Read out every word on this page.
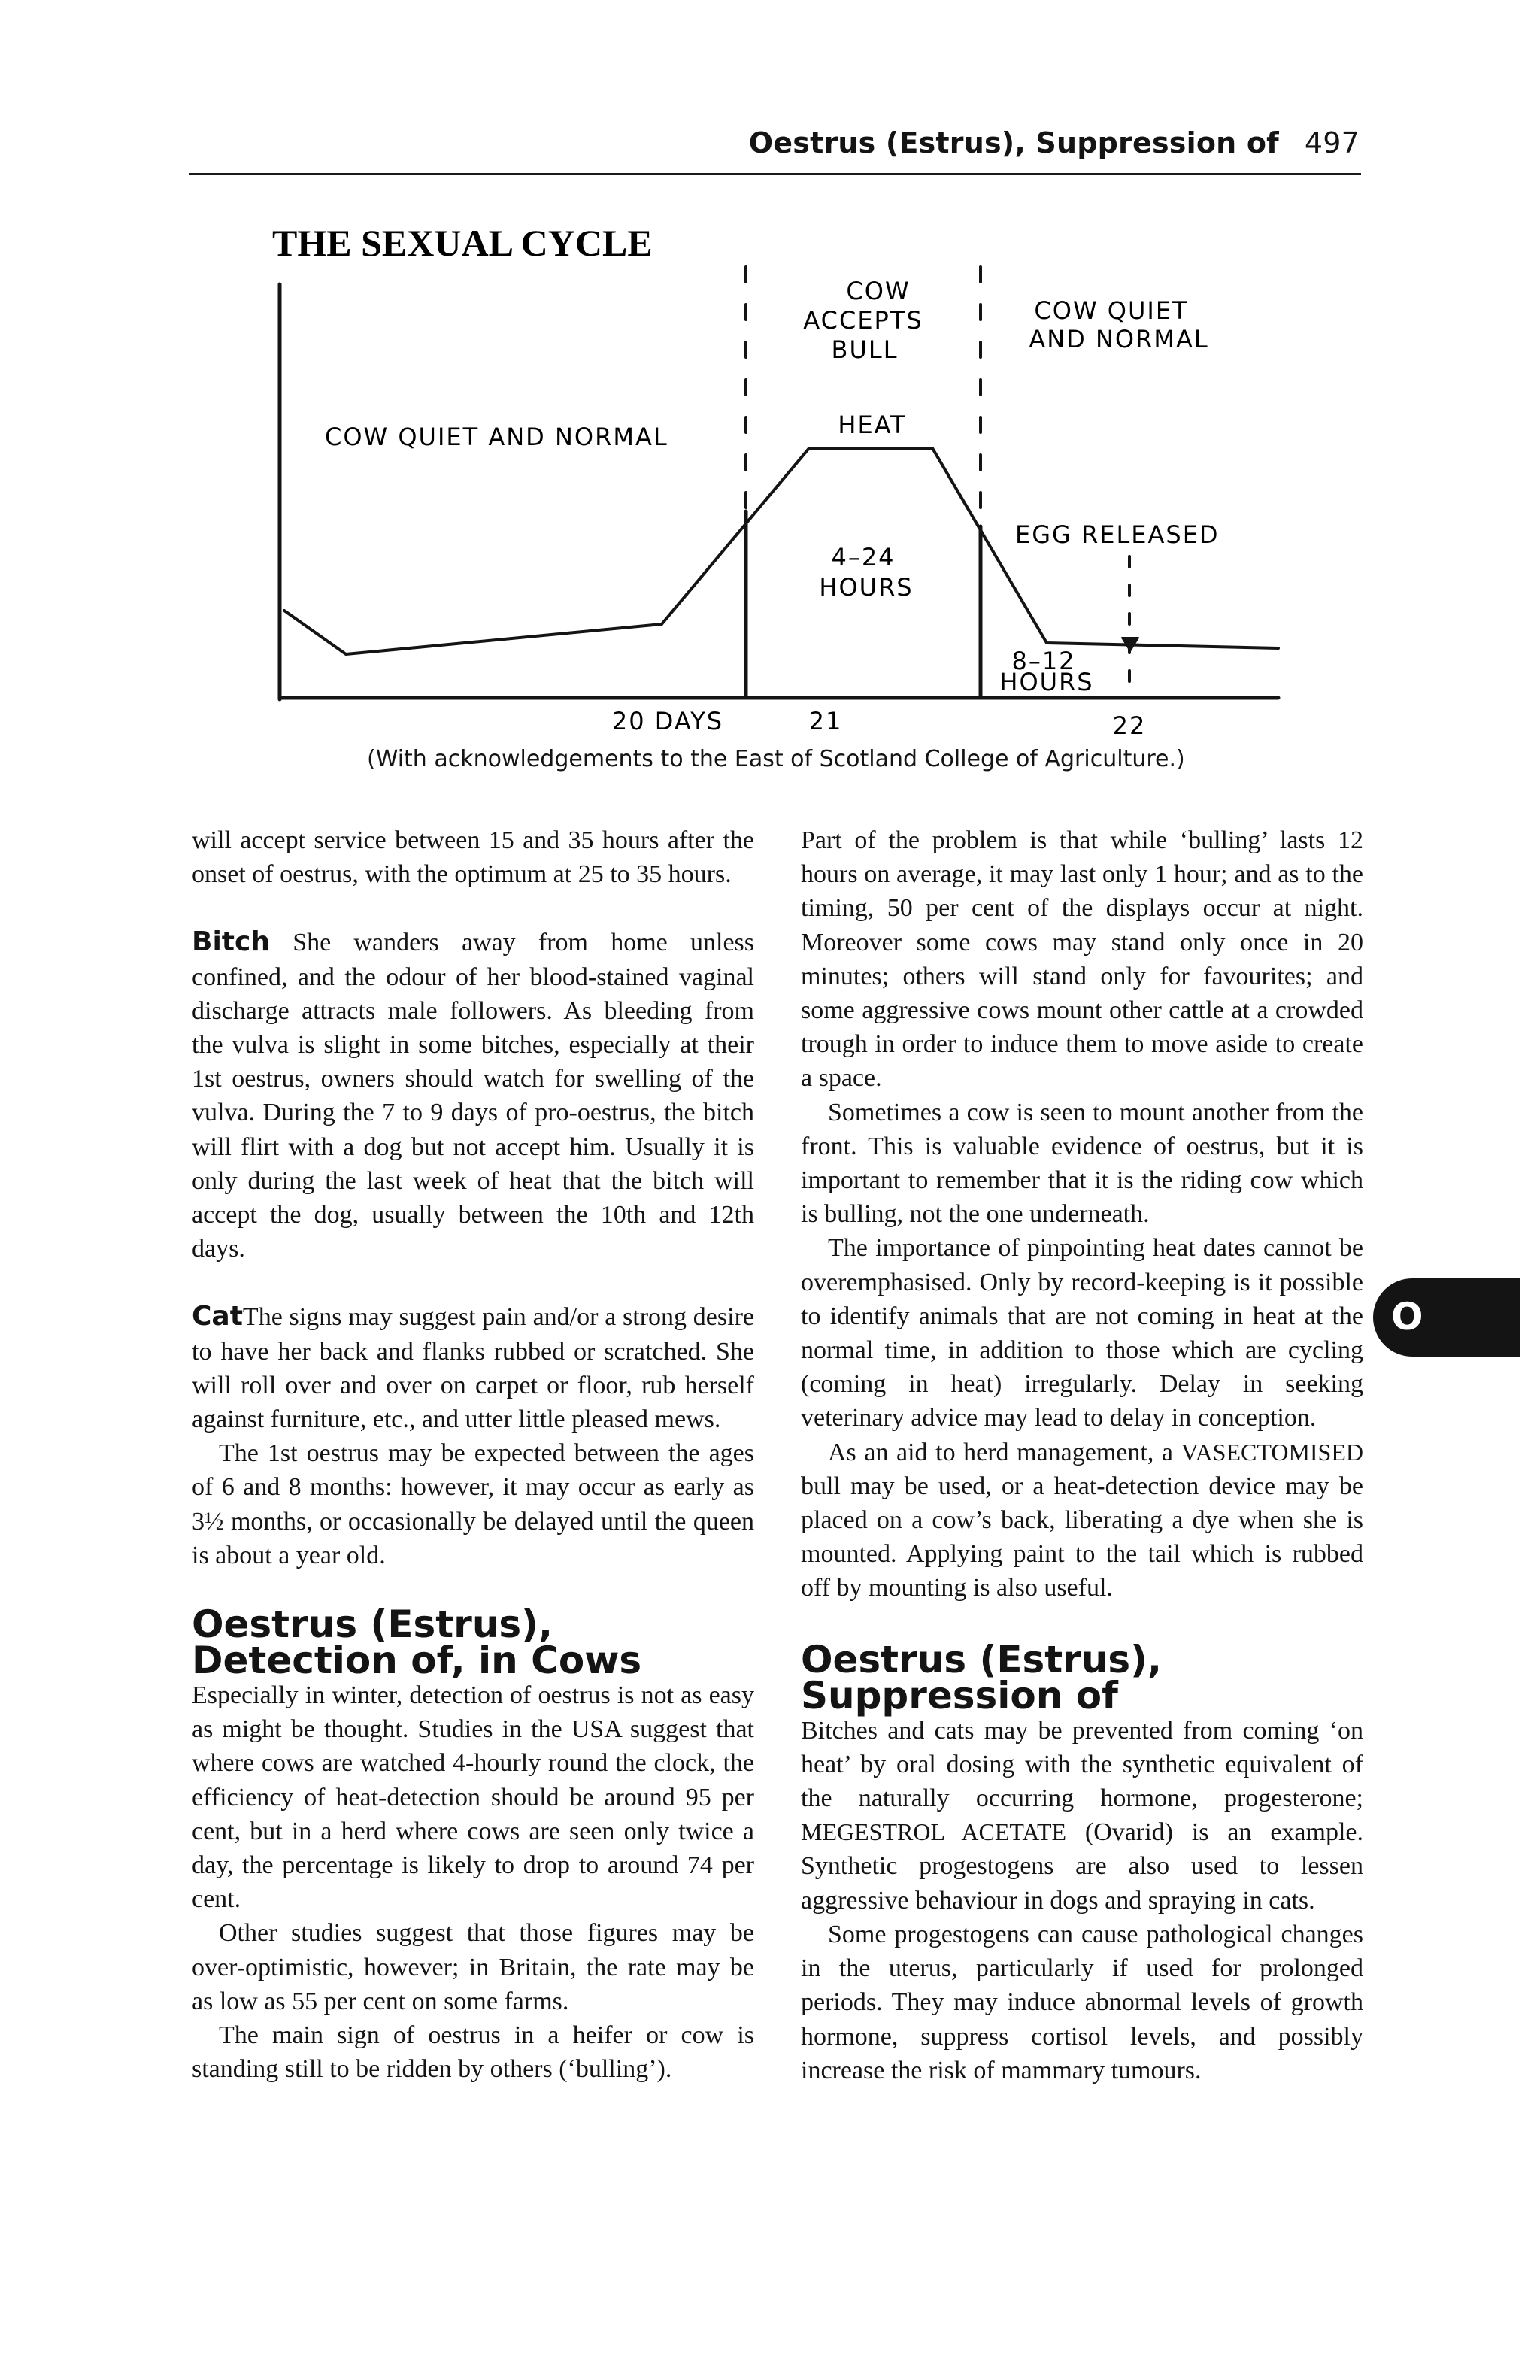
Oestrus (Estrus), Suppression of 497
THE SEXUAL CYCLE
COW
ACCEPTS
BULL
COW QUIET
AND NORMAL
COW QUIET AND NORMAL	HEAT
EGG RELEASED
4–24
HOURS
8–12
HOURS
20 DAYS	21	22
(With acknowledgements to the East of Scotland College of Agriculture.)

will accept service between 15 and 35 hours after the onset of oestrus, with the optimum at 25 to 35 hours.

Bitch She wanders away from home unless confined, and the odour of her blood-stained vaginal discharge attracts male followers. As bleeding from the vulva is slight in some bitches, especially at their 1st oestrus, owners should watch for swelling of the vulva. During the 7 to 9 days of pro-oestrus, the bitch will flirt with a dog but not accept him. Usually it is only during the last week of heat that the bitch will accept the dog, usually between the 10th and 12th days.

CatThe signs may suggest pain and/or a strong desire to have her back and flanks rubbed or scratched. She will roll over and over on carpet or floor, rub herself against furniture, etc., and utter little pleased mews.

The 1st oestrus may be expected between the ages of 6 and 8 months: however, it may occur as early as 3½ months, or occasionally be delayed until the queen is about a year old.

Oestrus (Estrus), Detection of, in Cows

Especially in winter, detection of oestrus is not as easy as might be thought. Studies in the USA suggest that where cows are watched 4-hourly round the clock, the efficiency of heat-detection should be around 95 per cent, but in a herd where cows are seen only twice a day, the percentage is likely to drop to around 74 per cent.

Other studies suggest that those figures may be over-optimistic, however; in Britain, the rate may be as low as 55 per cent on some farms.

The main sign of oestrus in a heifer or cow is standing still to be ridden by others (‘bulling’).

Part of the problem is that while ‘bulling’ lasts 12 hours on average, it may last only 1 hour; and as to the timing, 50 per cent of the displays occur at night. Moreover some cows may stand only once in 20 minutes; others will stand only for favourites; and some aggressive cows mount other cattle at a crowded trough in order to induce them to move aside to create a space.

Sometimes a cow is seen to mount another from the front. This is valuable evidence of oestrus, but it is important to remember that it is the riding cow which is bulling, not the one underneath.

The importance of pinpointing heat dates cannot be overemphasised. Only by record-keeping is it possible to identify animals that are not coming in heat at the normal time, in addition to those which are cycling (coming in heat) irregularly. Delay in seeking veterinary advice may lead to delay in conception.

As an aid to herd management, a VASECTOMISED bull may be used, or a heat-detection device may be placed on a cow’s back, liberating a dye when she is mounted. Applying paint to the tail which is rubbed off by mounting is also useful.

Oestrus (Estrus), Suppression of

Bitches and cats may be prevented from coming ‘on heat’ by oral dosing with the synthetic equivalent of the naturally occurring hormone, progesterone; MEGESTROL ACETATE (Ovarid) is an example. Synthetic progestogens are also used to lessen aggressive behaviour in dogs and spraying in cats.

Some progestogens can cause pathological changes in the uterus, particularly if used for prolonged periods. They may induce abnormal levels of growth hormone, suppress cortisol levels, and possibly increase the risk of mammary tumours.

O
